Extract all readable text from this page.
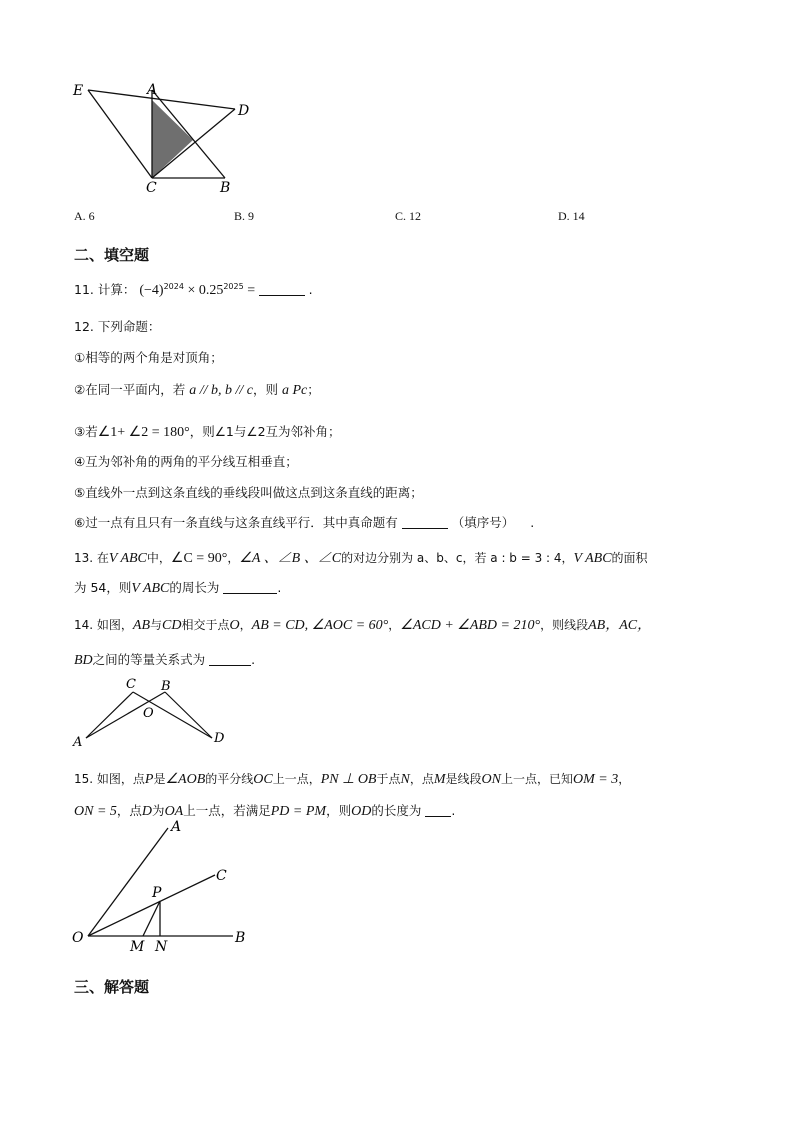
E	A
D
C	B
A. 6	B. 9	C. 12	D. 14
二、填空题
11. 计算： $(-4)^{2024} \times 0.25^{2025}$ =	.
12. 下列命题：
①相等的两个角是对顶角；
②在同一平面内，若 a // b, b // c，则 a Pc；
③若∠1+ ∠2 = 180°，则∠1与∠2互为邻补角；
④互为邻补角的两角的平分线互相垂直；
⑤直线外一点到这条直线的垂线段叫做这点到这条直线的距离；
⑥过一点有且只有一条直线与这条直线平行．其中真命题有	（填序号） .
13. 在V ABC中，∠C = 90°，∠A 、∠B 、∠C的对边分别为 a、b、c，若 a : b = 3 : 4，V ABC的面积
为 54，则V ABC的周长为	.
14. 如图，AB与CD相交于点O，AB = CD, ∠AOC = 60°，∠ACD + ∠ABD = 210°，则线段AB，AC，
BD之间的等量关系式为	.
C B
O
A	D
15. 如图，点P是∠AOB的平分线OC上一点，PN ⊥ OB于点N，点M是线段ON上一点，已知OM = 3，
ON = 5，点D为OA上一点，若满足PD = PM，则OD的长度为 .
A
C
P
O
M N
B
三、解答题
